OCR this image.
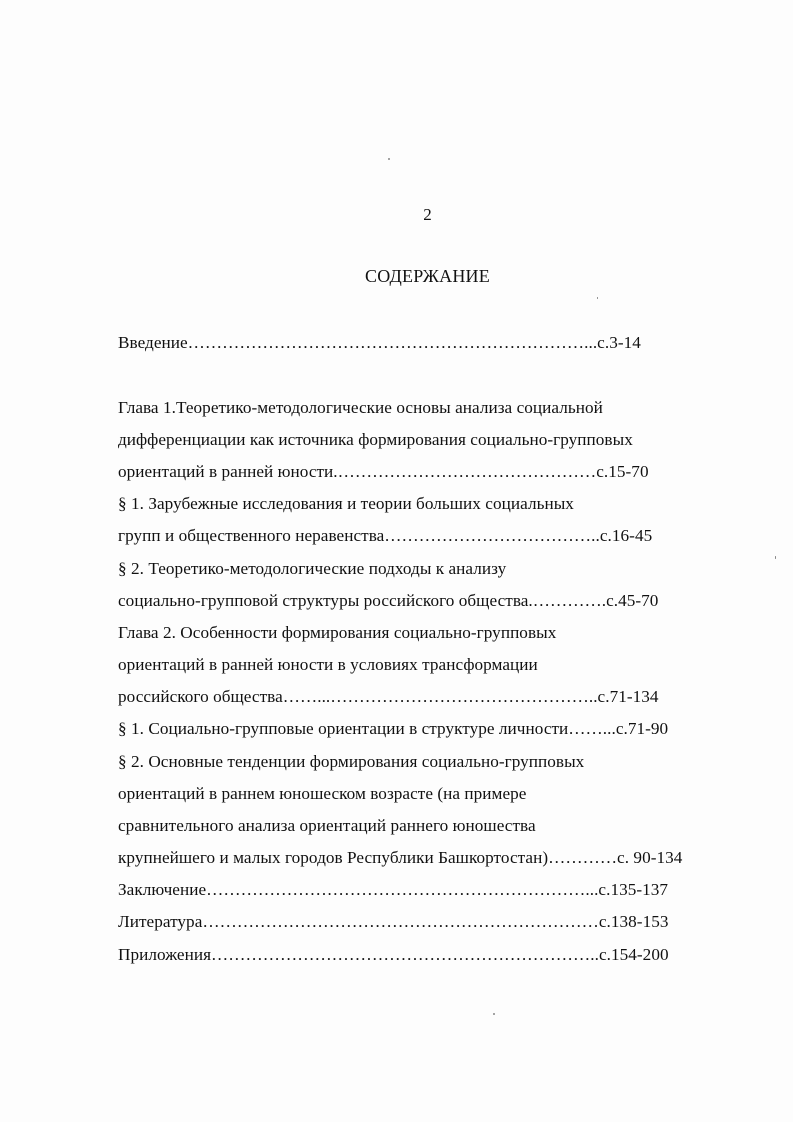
2
СОДЕРЖАНИЕ
Введение……………………………………………………………...с.3-14
Глава 1.Теоретико-методологические основы анализа социальной
дифференциации как источника формирования социально-групповых
ориентаций в ранней юности.………………………………………с.15-70
§ 1. Зарубежные исследования и теории больших социальных
групп и общественного неравенства………………………………..с.16-45
§ 2. Теоретико-методологические подходы к анализу
социально-групповой структуры российского общества.………….с.45-70
Глава 2. Особенности формирования социально-групповых
ориентаций в ранней юности в условиях трансформации
российского общества……...………………………………………..с.71-134
§ 1. Социально-групповые ориентации в структуре личности……...с.71-90
§ 2. Основные тенденции формирования социально-групповых
ориентаций в раннем юношеском возрасте (на примере
сравнительного анализа ориентаций раннего юношества
крупнейшего и малых городов Республики Башкортостан)…………с. 90-134
Заключение…………………………………………………………...с.135-137
Литература……………………………………………………………с.138-153
Приложения…………………………………………………………..с.154-200
